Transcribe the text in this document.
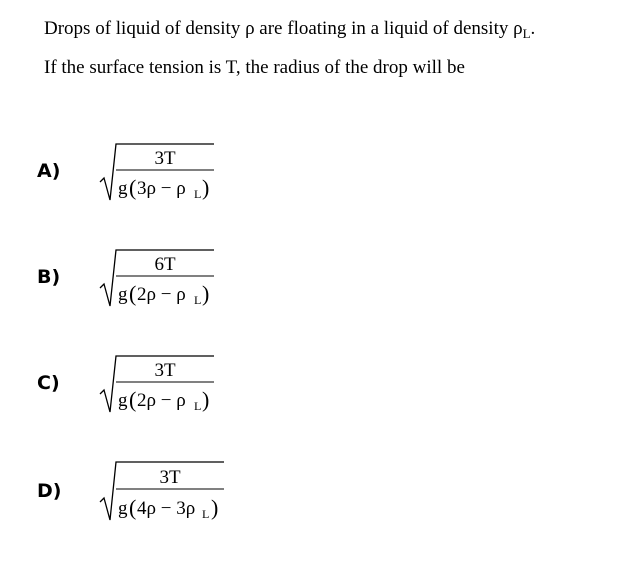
Drops of liquid of density ρ are floating in a liquid of density $\rho_L$.

If the surface tension is T, the radius of the drop will be

A)
3T
g ( 3ρ − ρ L )
B)
6T
g ( 2ρ − ρ L )
C)
3T
g ( 2ρ − ρ L )
D)
3T
g ( 4ρ − 3ρ L )
